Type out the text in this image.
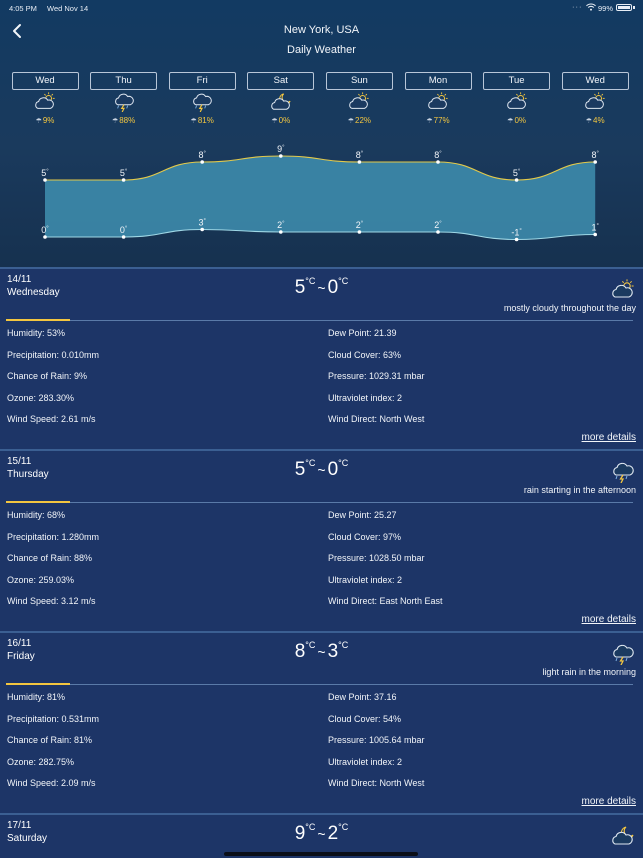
4:05 PM Wed Nov 14	··· 99%
New York, USA
Daily Weather
Wed
☂9%
Thu
☂88%
Fri
☂81%
Sat
☂0%
Sun
☂22%
Mon
☂77%
Tue
☂0%
Wed
☂4%
5°
0°
5°
0°
8°
3°
9°
2°
8°
2°
8°
2°
5°
-1°
8°
1°
14/11
Wednesday	$5^{^\circ C}$ ~ $0^{^\circ C}$
mostly cloudy throughout the day
Humidity: 53%
Precipitation: 0.010mm
Chance of Rain: 9%
Ozone: 283.30%
Wind Speed: 2.61 m/s
Dew Point: 21.39
Cloud Cover: 63%
Pressure: 1029.31 mbar
Ultraviolet index: 2
Wind Direct: North West
more details
15/11
Thursday	$5^{^\circ C}$ ~ $0^{^\circ C}$
rain starting in the afternoon
Humidity: 68%
Precipitation: 1.280mm
Chance of Rain: 88%
Ozone: 259.03%
Wind Speed: 3.12 m/s
Dew Point: 25.27
Cloud Cover: 97%
Pressure: 1028.50 mbar
Ultraviolet index: 2
Wind Direct: East North East
more details
16/11
Friday	$8^{^\circ C}$ ~ $3^{^\circ C}$
light rain in the morning
Humidity: 81%
Precipitation: 0.531mm
Chance of Rain: 81%
Ozone: 282.75%
Wind Speed: 2.09 m/s
Dew Point: 37.16
Cloud Cover: 54%
Pressure: 1005.64 mbar
Ultraviolet index: 2
Wind Direct: North West
more details
17/11
Saturday	$9^{^\circ C}$ ~ $2^{^\circ C}$
